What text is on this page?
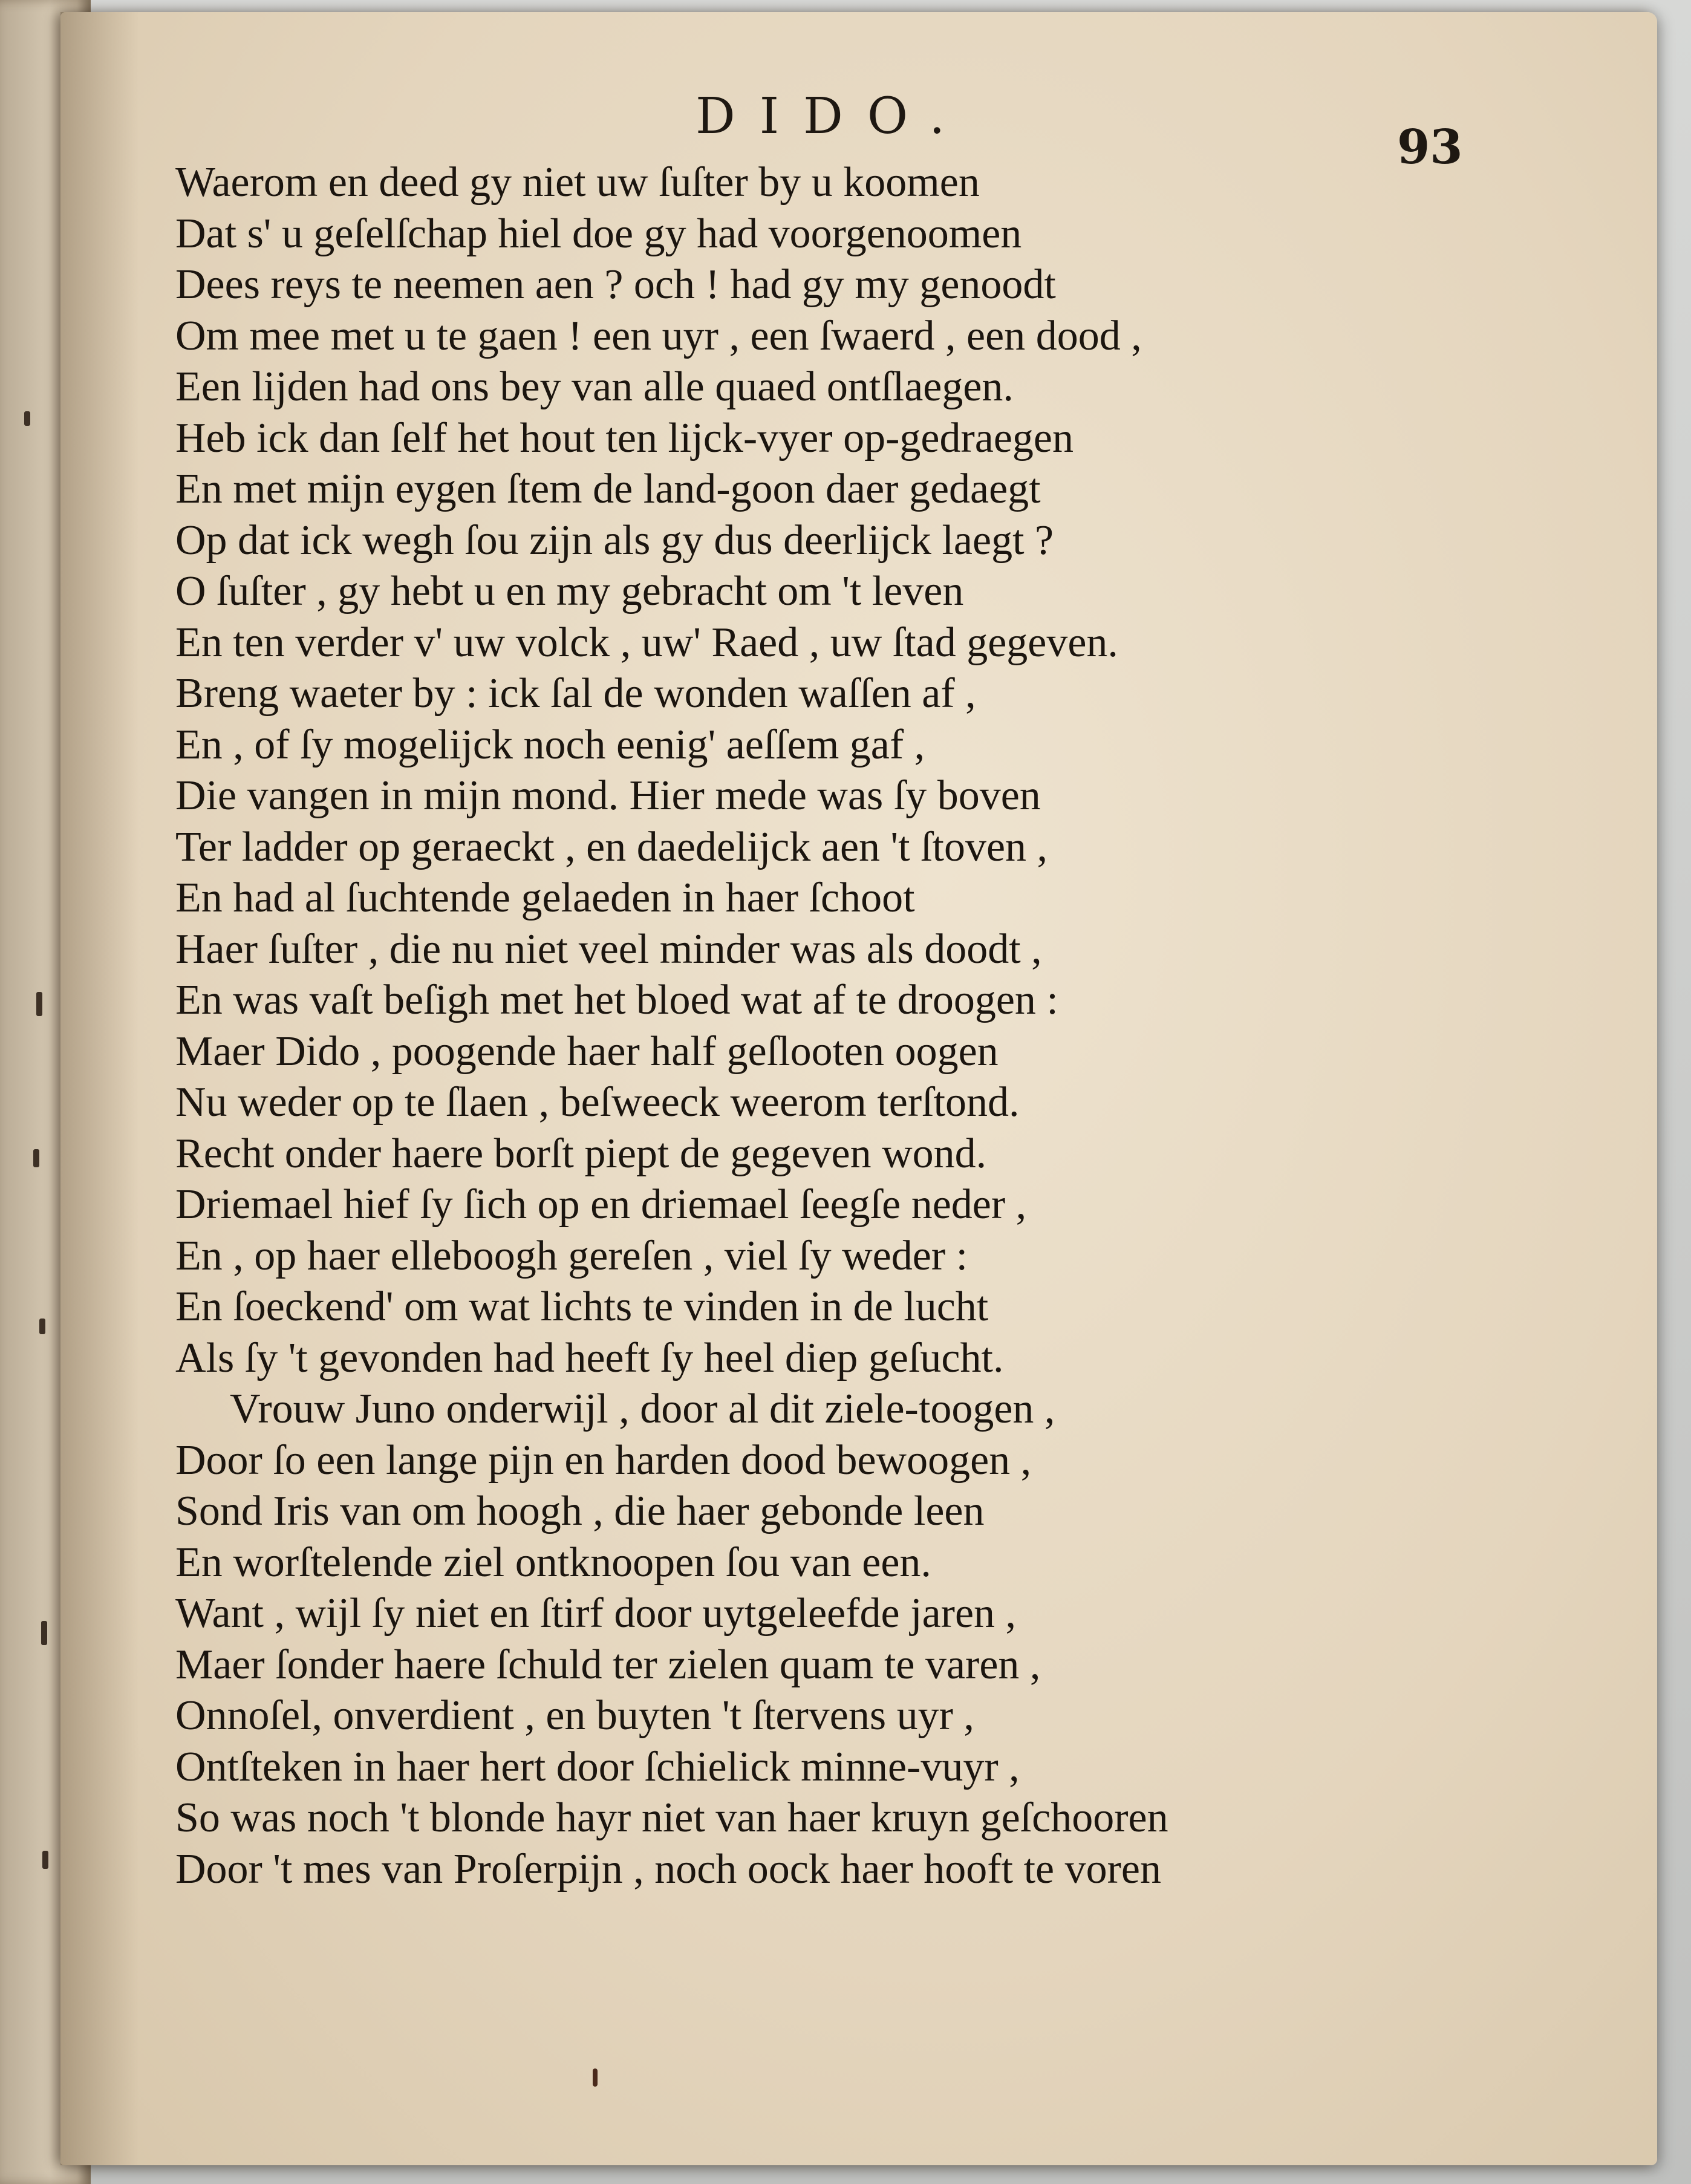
DIDO.
93
Waerom en deed gy niet uw ſuſter by u koomen
Dat s' u geſelſchap hiel doe gy had voorgenoomen
Dees reys te neemen aen ? och ! had gy my genoodt
Om mee met u te gaen ! een uyr , een ſwaerd , een dood ,
Een lijden had ons bey van alle quaed ontſlaegen.
Heb ick dan ſelf het hout ten lijck-vyer op-gedraegen
En met mijn eygen ſtem de land-goon daer gedaegt
Op dat ick wegh ſou zijn als gy dus deerlijck laegt ?
O ſuſter , gy hebt u en my gebracht om 't leven
En ten verder v' uw volck , uw' Raed , uw ſtad gegeven.
Breng waeter by : ick ſal de wonden waſſen af ,
En , of ſy mogelijck noch eenig' aeſſem gaf ,
Die vangen in mijn mond. Hier mede was ſy boven
Ter ladder op geraeckt , en daedelijck aen 't ſtoven ,
En had al ſuchtende gelaeden in haer ſchoot
Haer ſuſter , die nu niet veel minder was als doodt ,
En was vaſt beſigh met het bloed wat af te droogen :
Maer Dido , poogende haer half geſlooten oogen
Nu weder op te ſlaen , beſweeck weerom terſtond.
Recht onder haere borſt piept de gegeven wond.
Driemael hief ſy ſich op en driemael ſeegſe neder ,
En , op haer elleboogh gereſen , viel ſy weder :
En ſoeckend' om wat lichts te vinden in de lucht
Als ſy 't gevonden had heeft ſy heel diep geſucht.
Vrouw Juno onderwijl , door al dit ziele-toogen ,
Door ſo een lange pijn en harden dood bewoogen ,
Sond Iris van om hoogh , die haer gebonde leen
En worſtelende ziel ontknoopen ſou van een.
Want , wijl ſy niet en ſtirf door uytgeleefde jaren ,
Maer ſonder haere ſchuld ter zielen quam te varen ,
Onnoſel, onverdient , en buyten 't ſtervens uyr ,
Ontſteken in haer hert door ſchielick minne-vuyr ,
So was noch 't blonde hayr niet van haer kruyn geſchooren
Door 't mes van Proſerpijn , noch oock haer hooft te voren
